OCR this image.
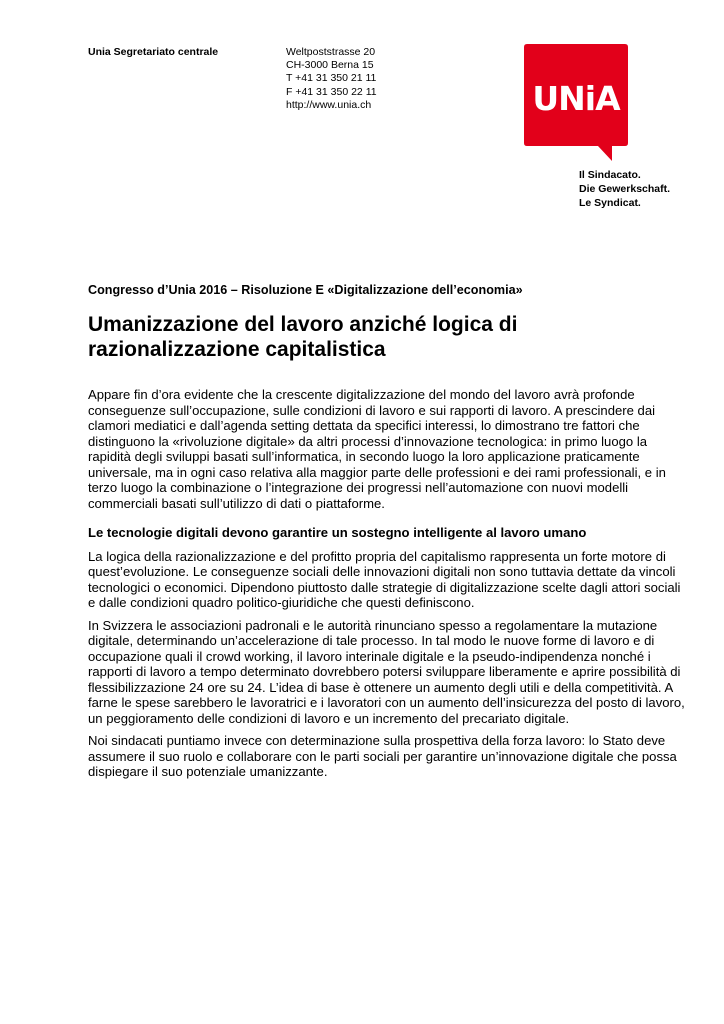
Unia Segretariato centrale	Weltpoststrasse 20
CH-3000 Berna 15
T +41 31 350 21 11
F +41 31 350 22 11
http://www.unia.ch	UNiA
Il Sindacato.
Die Gewerkschaft.
Le Syndicat.
Congresso d’Unia 2016 – Risoluzione E «Digitalizzazione dell’economia»
Umanizzazione del lavoro anziché logica di razionalizzazione capitalistica

Appare fin d’ora evidente che la crescente digitalizzazione del mondo del lavoro avrà profonde conseguenze sull’occupazione, sulle condizioni di lavoro e sui rapporti di lavoro. A prescindere dai clamori mediatici e dall’agenda setting dettata da specifici interessi, lo dimostrano tre fattori che distinguono la «rivoluzione digitale» da altri processi d’innovazione tecnologica: in primo luogo la rapidità degli sviluppi basati sull’informatica, in secondo luogo la loro applicazione praticamente universale, ma in ogni caso relativa alla maggior parte delle professioni e dei rami professionali, e in terzo luogo la combinazione o l’integrazione dei progressi nell’automazione con nuovi modelli commerciali basati sull’utilizzo di dati o piattaforme.

Le tecnologie digitali devono garantire un sostegno intelligente al lavoro umano

La logica della razionalizzazione e del profitto propria del capitalismo rappresenta un forte motore di quest’evoluzione. Le conseguenze sociali delle innovazioni digitali non sono tuttavia dettate da vincoli tecnologici o economici. Dipendono piuttosto dalle strategie di digitalizzazione scelte dagli attori sociali e dalle condizioni quadro politico-giuridiche che questi definiscono.

In Svizzera le associazioni padronali e le autorità rinunciano spesso a regolamentare la mutazione digitale, determinando un’accelerazione di tale processo. In tal modo le nuove forme di lavoro e di occupazione quali il crowd working, il lavoro interinale digitale e la pseudo-indipendenza nonché i rapporti di lavoro a tempo determinato dovrebbero potersi sviluppare liberamente e aprire possibilità di flessibilizzazione 24 ore su 24. L’idea di base è ottenere un aumento degli utili e della competitività. A farne le spese sarebbero le lavoratrici e i lavoratori con un aumento dell’insicurezza del posto di lavoro, un peggioramento delle condizioni di lavoro e un incremento del precariato digitale.

Noi sindacati puntiamo invece con determinazione sulla prospettiva della forza lavoro: lo Stato deve assumere il suo ruolo e collaborare con le parti sociali per garantire un’innovazione digitale che possa dispiegare il suo potenziale umanizzante.
